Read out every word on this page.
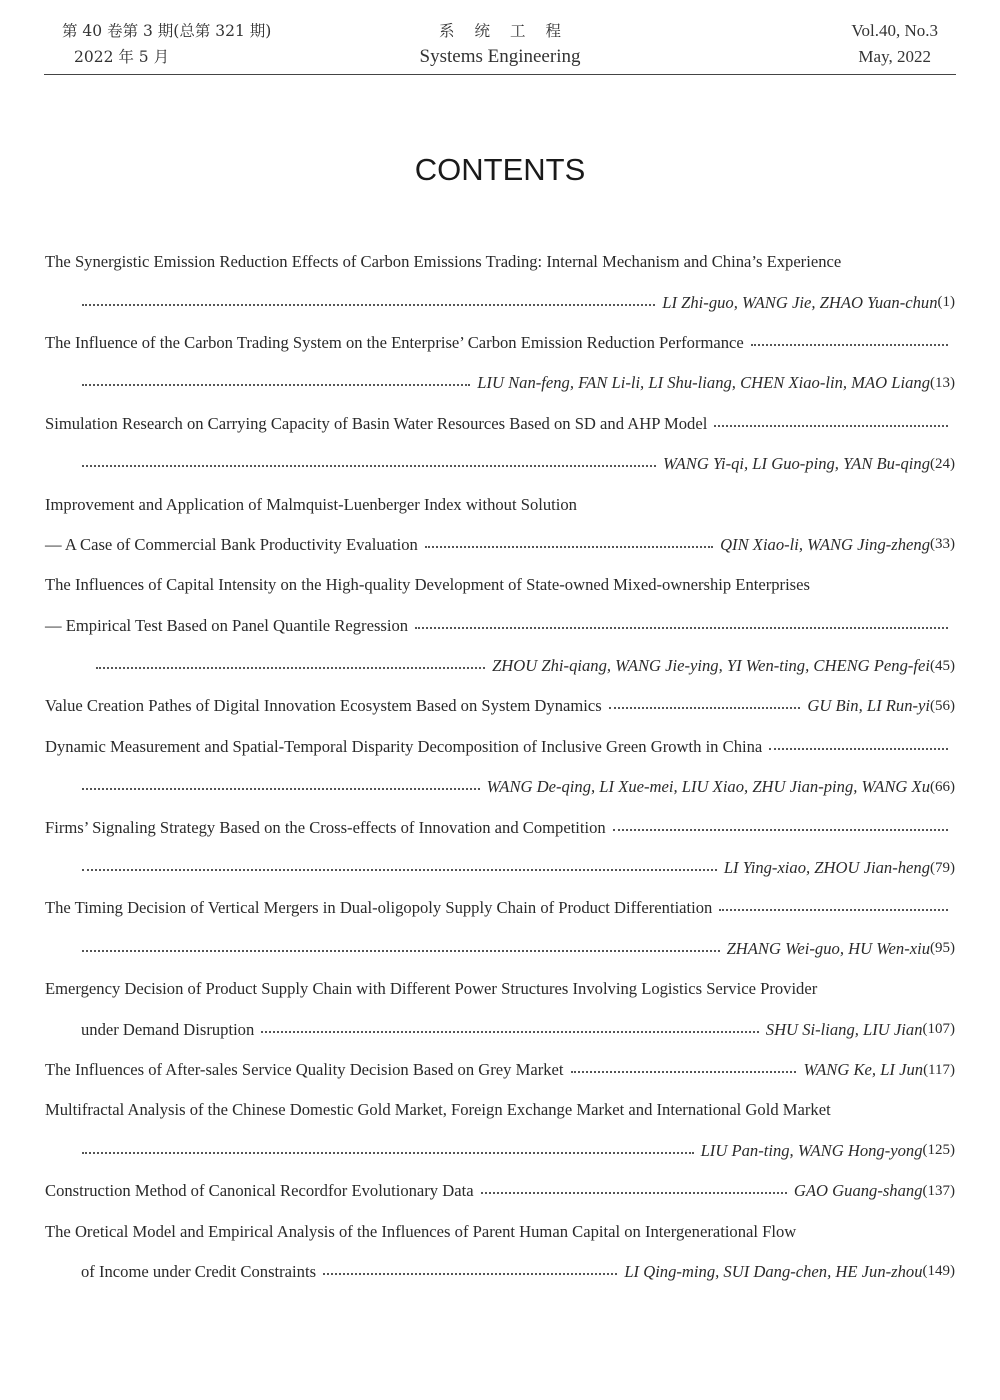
第 40 卷第 3 期(总第 321 期)
2022 年 5 月
系统工程
Systems Engineering
Vol.40, No.3
May, 2022
CONTENTS
The Synergistic Emission Reduction Effects of Carbon Emissions Trading: Internal Mechanism and China’s Experience
LI Zhi-guo, WANG Jie, ZHAO Yuan-chun (1)
The Influence of the Carbon Trading System on the Enterprise’ Carbon Emission Reduction Performance
LIU Nan-feng, FAN Li-li, LI Shu-liang, CHEN Xiao-lin, MAO Liang (13)
Simulation Research on Carrying Capacity of Basin Water Resources Based on SD and AHP Model
WANG Yi-qi, LI Guo-ping, YAN Bu-qing (24)
Improvement and Application of Malmquist-Luenberger Index without Solution
— A Case of Commercial Bank Productivity Evaluation	QIN Xiao-li, WANG Jing-zheng (33)
The Influences of Capital Intensity on the High-quality Development of State-owned Mixed-ownership Enterprises
— Empirical Test Based on Panel Quantile Regression
ZHOU Zhi-qiang, WANG Jie-ying, YI Wen-ting, CHENG Peng-fei (45)
Value Creation Pathes of Digital Innovation Ecosystem Based on System Dynamics	GU Bin, LI Run-yi (56)
Dynamic Measurement and Spatial-Temporal Disparity Decomposition of Inclusive Green Growth in China
WANG De-qing, LI Xue-mei, LIU Xiao, ZHU Jian-ping, WANG Xu (66)
Firms’ Signaling Strategy Based on the Cross-effects of Innovation and Competition
LI Ying-xiao, ZHOU Jian-heng (79)
The Timing Decision of Vertical Mergers in Dual-oligopoly Supply Chain of Product Differentiation
ZHANG Wei-guo, HU Wen-xiu (95)
Emergency Decision of Product Supply Chain with Different Power Structures Involving Logistics Service Provider
under Demand Disruption	SHU Si-liang, LIU Jian (107)
The Influences of After-sales Service Quality Decision Based on Grey Market	WANG Ke, LI Jun (117)
Multifractal Analysis of the Chinese Domestic Gold Market, Foreign Exchange Market and International Gold Market
LIU Pan-ting, WANG Hong-yong (125)
Construction Method of Canonical Recordfor Evolutionary Data	GAO Guang-shang (137)
The Oretical Model and Empirical Analysis of the Influences of Parent Human Capital on Intergenerational Flow
of Income under Credit Constraints	LI Qing-ming, SUI Dang-chen, HE Jun-zhou (149)
